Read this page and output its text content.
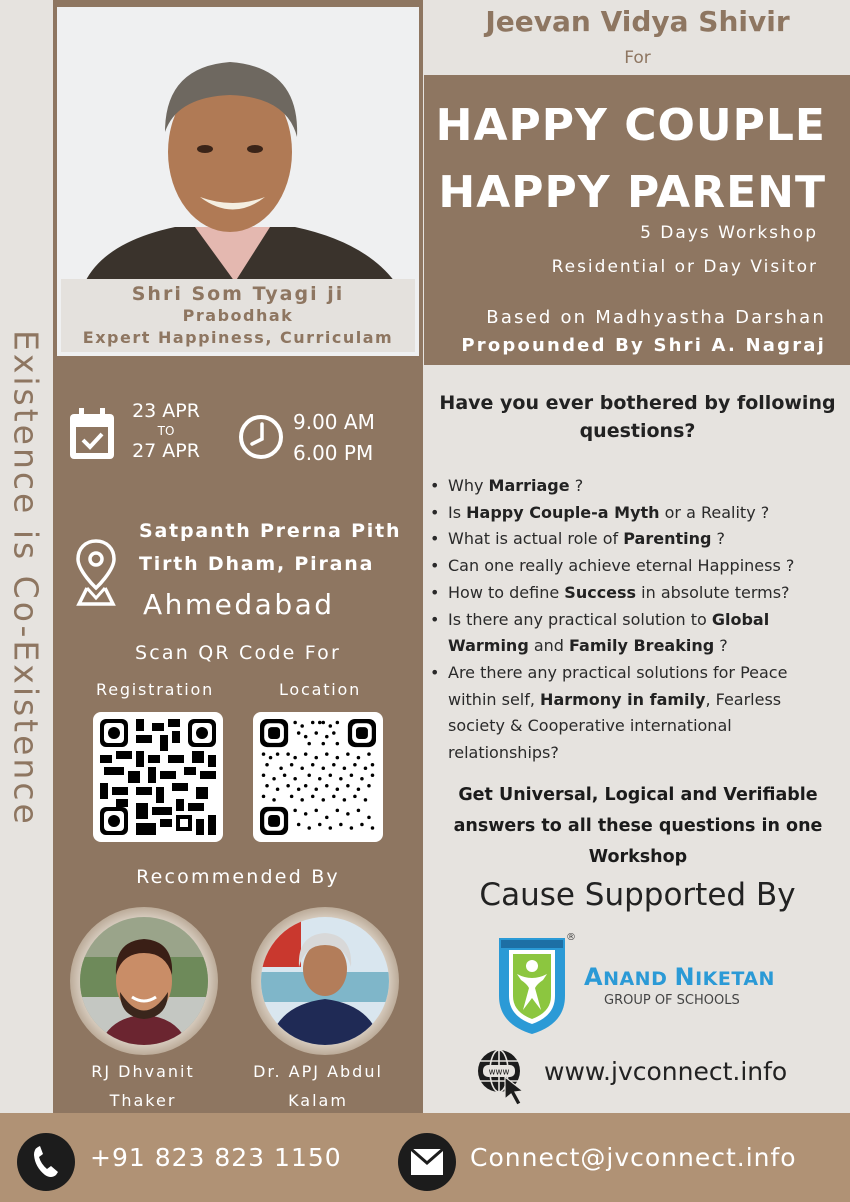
Existence is Co-Existence
Shri Som Tyagi ji
Prabodhak
Expert Happiness, Curriculam
23 APR
TO
27 APR
9.00 AM
6.00 PM
Satpanth Prerna Pith
Tirth Dham, Pirana
Ahmedabad
Scan QR Code For
Registration	Location
Recommended By
RJ Dhvanit
Thaker
Dr. APJ Abdul
Kalam
Jeevan Vidya Shivir
For
HAPPY COUPLE
HAPPY PARENT
5 Days Workshop
Residential or Day Visitor
Based on Madhyastha Darshan
Propounded By Shri A. Nagraj
Have you ever bothered by following questions?
• Why Marriage ?
• Is Happy Couple-a Myth or a Reality ?
• What is actual role of Parenting ?
• Can one really achieve eternal Happiness ?
• How to define Success in absolute terms?
• Is there any practical solution to Global Warming and Family Breaking ?
• Are there any practical solutions for Peace within self, Harmony in family, Fearless society & Cooperative international relationships?
Get Universal, Logical and Verifiable answers to all these questions in one Workshop
Cause Supported By
®
ANAND NIKETAN
GROUP OF SCHOOLS
www www.jvconnect.info
+91 823 823 1150	Connect@jvconnect.info
